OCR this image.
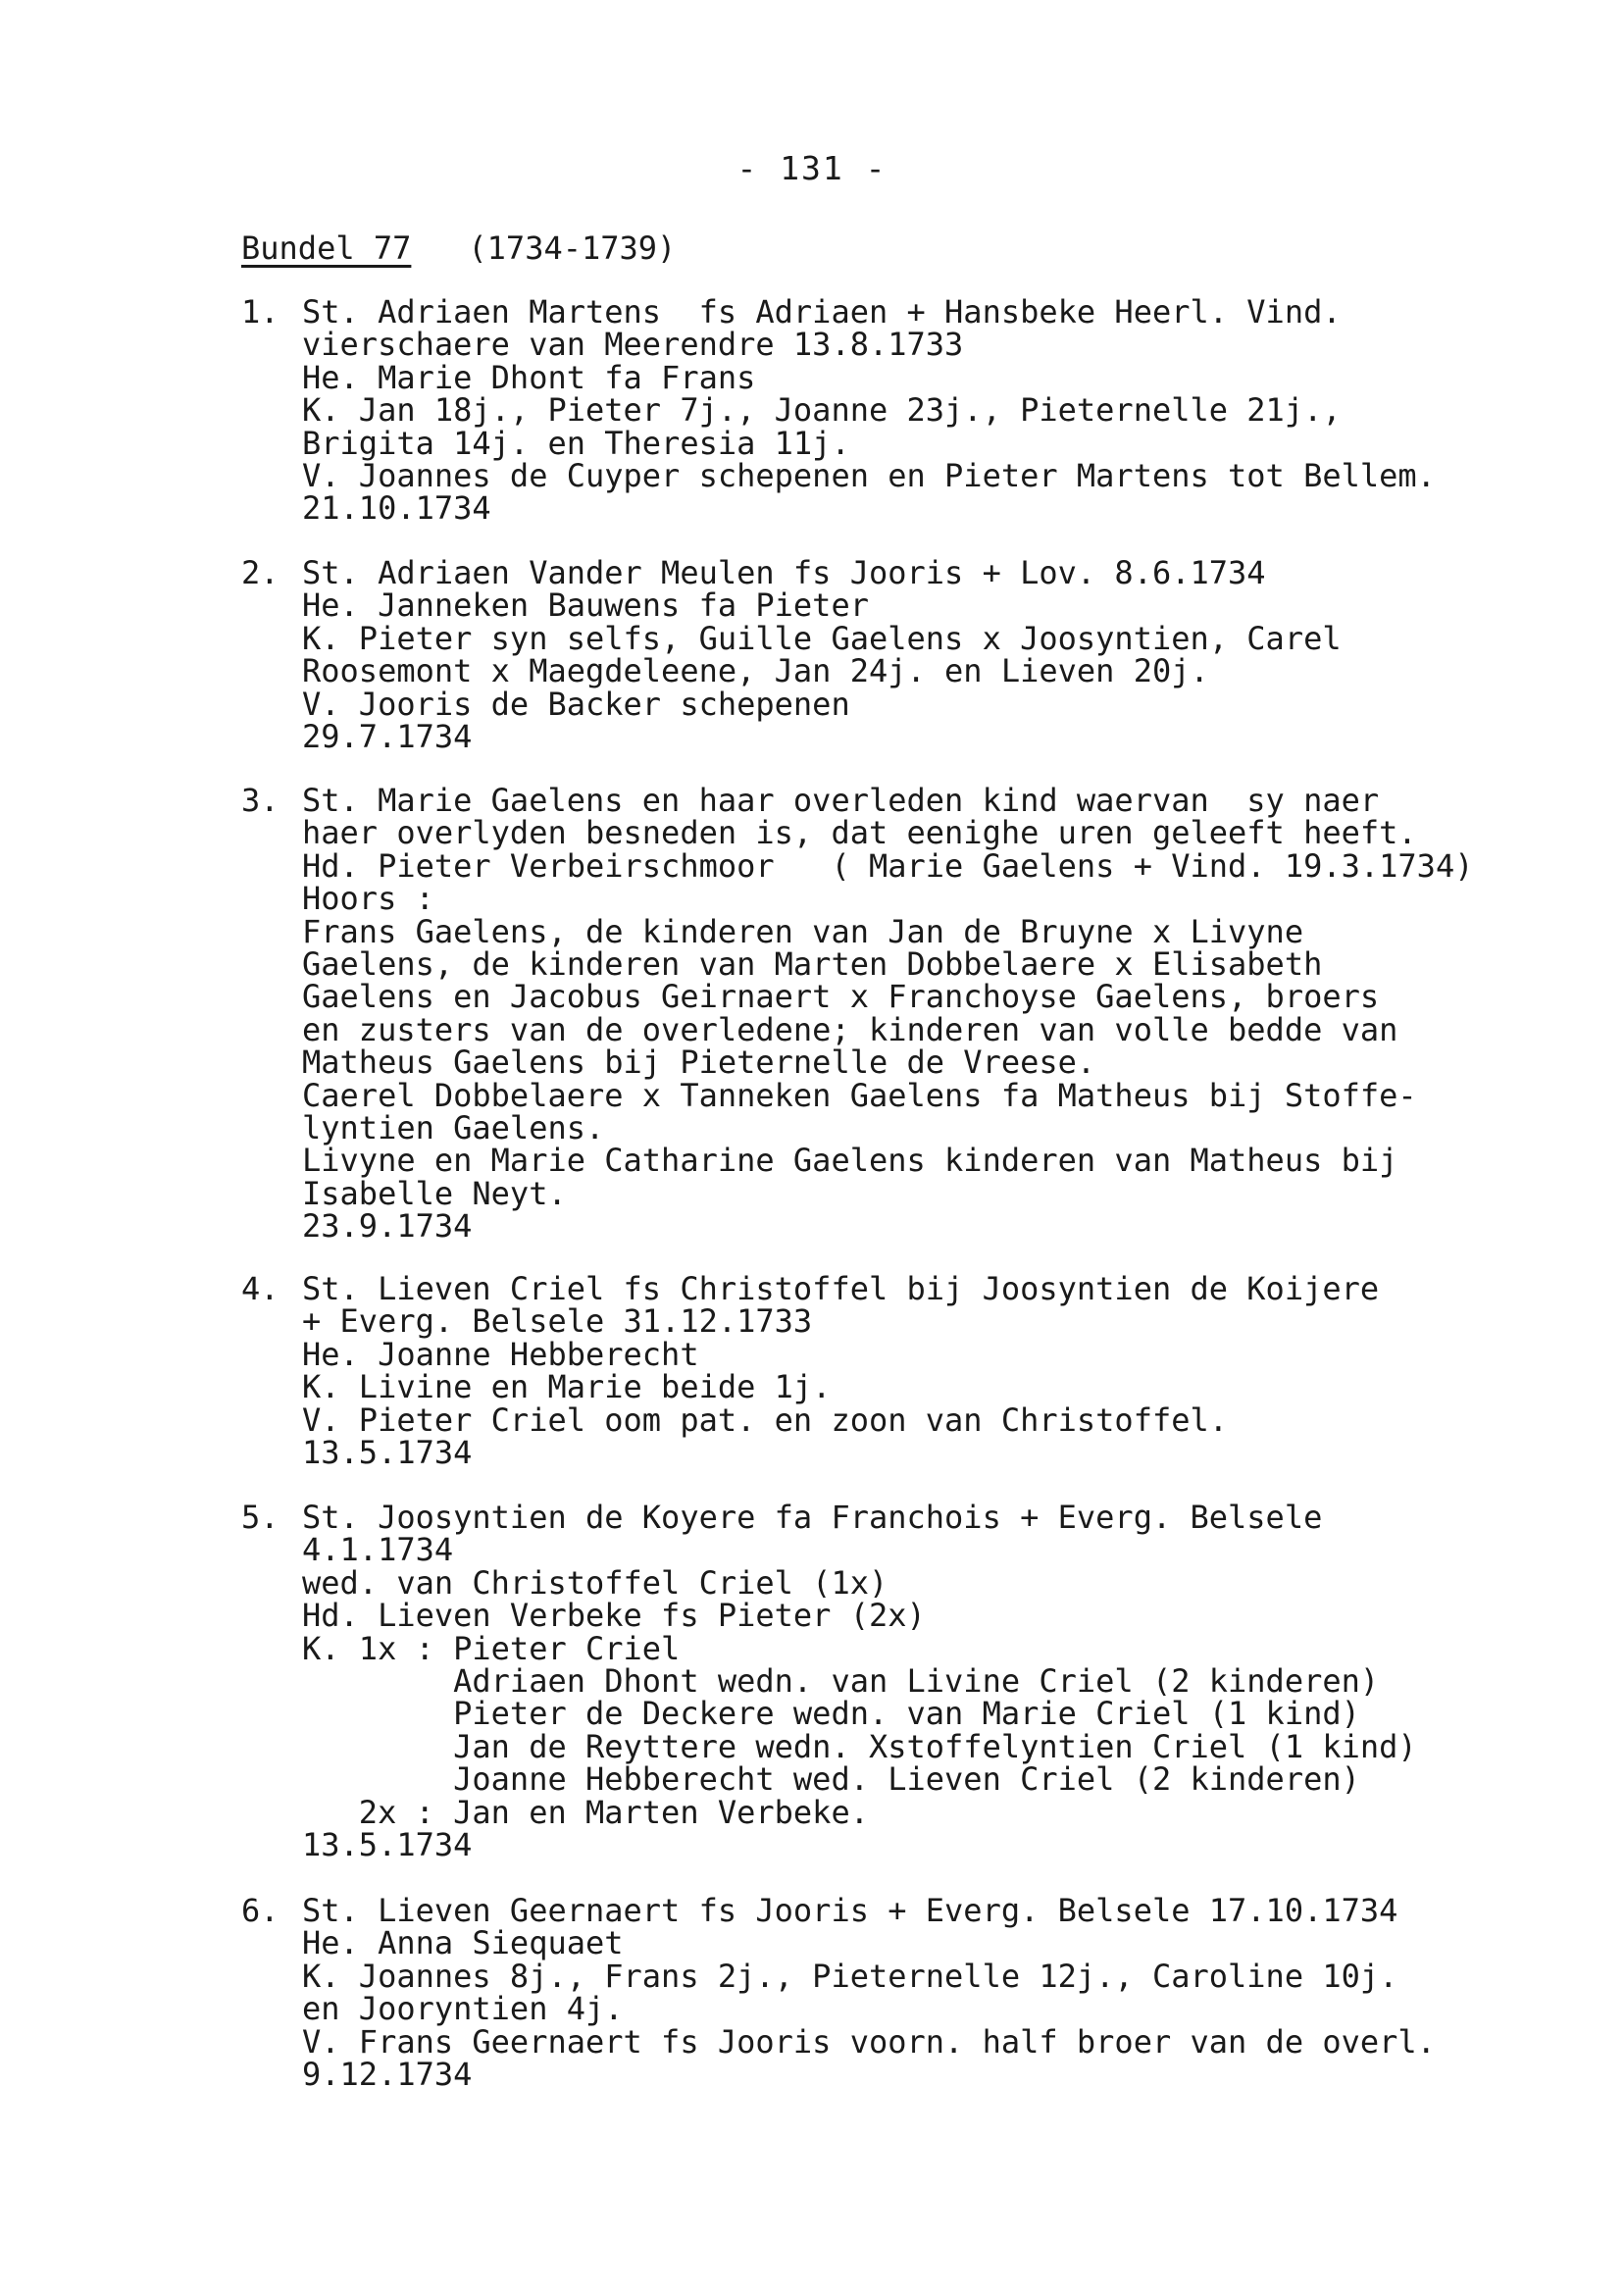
- 131 -
Bundel 77 (1734-1739)
1. St. Adriaen Martens  fs Adriaen + Hansbeke Heerl. Vind.
vierschaere van Meerendre 13.8.1733
He. Marie Dhont fa Frans
K. Jan 18j., Pieter 7j., Joanne 23j., Pieternelle 21j.,
Brigita 14j. en Theresia 11j.
V. Joannes de Cuyper schepenen en Pieter Martens tot Bellem.
21.10.1734
2. St. Adriaen Vander Meulen fs Jooris + Lov. 8.6.1734
He. Janneken Bauwens fa Pieter
K. Pieter syn selfs, Guille Gaelens x Joosyntien, Carel
Roosemont x Maegdeleene, Jan 24j. en Lieven 20j.
V. Jooris de Backer schepenen
29.7.1734
3. St. Marie Gaelens en haar overleden kind waervan  sy naer
haer overlyden besneden is, dat eenighe uren geleeft heeft.
Hd. Pieter Verbeirschmoor   ( Marie Gaelens + Vind. 19.3.1734)
Hoors :
Frans Gaelens, de kinderen van Jan de Bruyne x Livyne
Gaelens, de kinderen van Marten Dobbelaere x Elisabeth
Gaelens en Jacobus Geirnaert x Franchoyse Gaelens, broers
en zusters van de overledene; kinderen van volle bedde van
Matheus Gaelens bij Pieternelle de Vreese.
Caerel Dobbelaere x Tanneken Gaelens fa Matheus bij Stoffe-
lyntien Gaelens.
Livyne en Marie Catharine Gaelens kinderen van Matheus bij
Isabelle Neyt.
23.9.1734
4. St. Lieven Criel fs Christoffel bij Joosyntien de Koijere
+ Everg. Belsele 31.12.1733
He. Joanne Hebberecht
K. Livine en Marie beide 1j.
V. Pieter Criel oom pat. en zoon van Christoffel.
13.5.1734
5. St. Joosyntien de Koyere fa Franchois + Everg. Belsele
4.1.1734
wed. van Christoffel Criel (1x)
Hd. Lieven Verbeke fs Pieter (2x)
K. 1x : Pieter Criel
Adriaen Dhont wedn. van Livine Criel (2 kinderen)
Pieter de Deckere wedn. van Marie Criel (1 kind)
Jan de Reyttere wedn. Xstoffelyntien Criel (1 kind)
Joanne Hebberecht wed. Lieven Criel (2 kinderen)
2x : Jan en Marten Verbeke.
13.5.1734
6. St. Lieven Geernaert fs Jooris + Everg. Belsele 17.10.1734
He. Anna Siequaet
K. Joannes 8j., Frans 2j., Pieternelle 12j., Caroline 10j.
en Jooryntien 4j.
V. Frans Geernaert fs Jooris voorn. half broer van de overl.
9.12.1734
